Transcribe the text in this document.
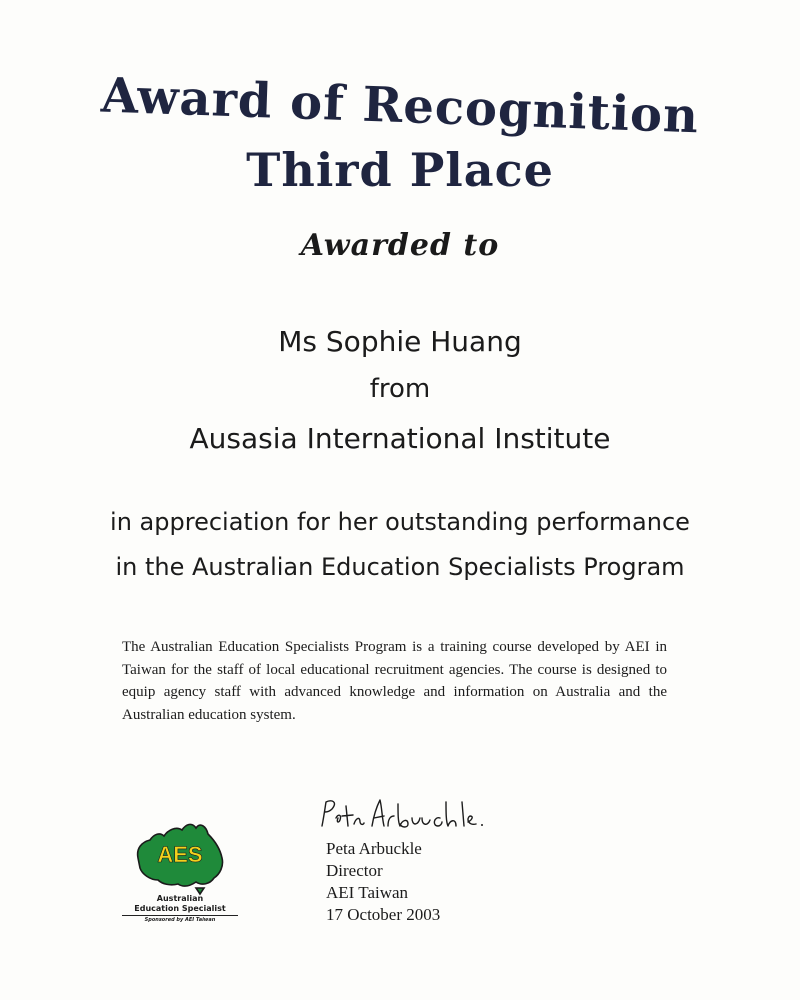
Award of Recognition
Third Place
Awarded to
Ms Sophie Huang
from
Ausasia International Institute
in appreciation for her outstanding performance
in the Australian Education Specialists Program
The Australian Education Specialists Program is a training course developed by AEI in Taiwan for the staff of local educational recruitment agencies. The course is designed to equip agency staff with advanced knowledge and information on Australia and the Australian education system.
Peta Arbuckle
Director
AEI Taiwan
17 October 2003
AES
Australian
Education Specialist
Sponsored by AEI Taiwan
